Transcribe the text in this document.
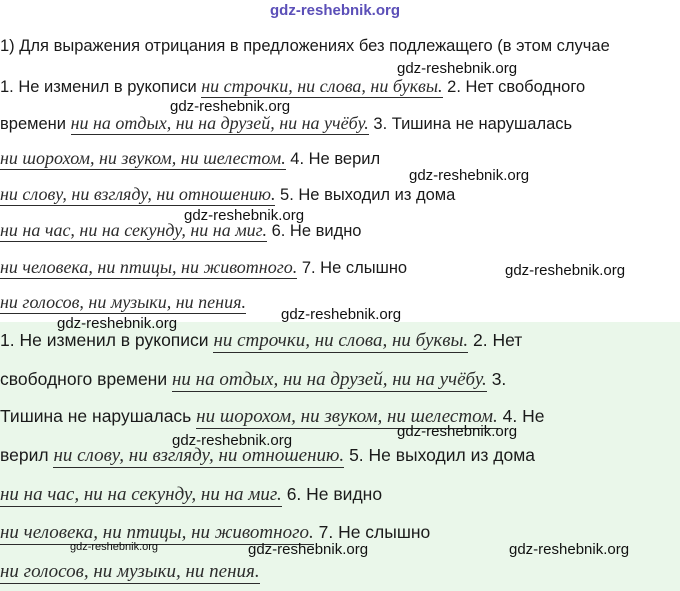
gdz-reshebnik.org
1) Для выражения отрицания в предложениях без подлежащего (в этом случае
gdz-reshebnik.org
1. Не изменил в рукописи ни строчки, ни слова, ни буквы. 2. Нет свободного
gdz-reshebnik.org
времени ни на отдых, ни на друзей, ни на учёбу. 3. Тишина не нарушалась
ни шорохом, ни звуком, ни шелестом. 4. Не верил
gdz-reshebnik.org
ни слову, ни взгляду, ни отношению. 5. Не выходил из дома
gdz-reshebnik.org
ни на час, ни на секунду, ни на миг. 6. Не видно
ни человека, ни птицы, ни животного. 7. Не слышно	gdz-reshebnik.org
ни голосов, ни музыки, ни пения.
gdz-reshebnik.org
gdz-reshebnik.org
1. Не изменил в рукописи ни строчки, ни слова, ни буквы. 2. Нет
свободного времени ни на отдых, ни на друзей, ни на учёбу. 3.
Тишина не нарушалась ни шорохом, ни звуком, ни шелестом. 4. Не
gdz-reshebnik.org
gdz-reshebnik.org
верил ни слову, ни взгляду, ни отношению. 5. Не выходил из дома
ни на час, ни на секунду, ни на миг. 6. Не видно
ни человека, ни птицы, ни животного. 7. Не слышно
gdz-reshebnik.org	gdz-reshebnik.org	gdz-reshebnik.org
ни голосов, ни музыки, ни пения.
